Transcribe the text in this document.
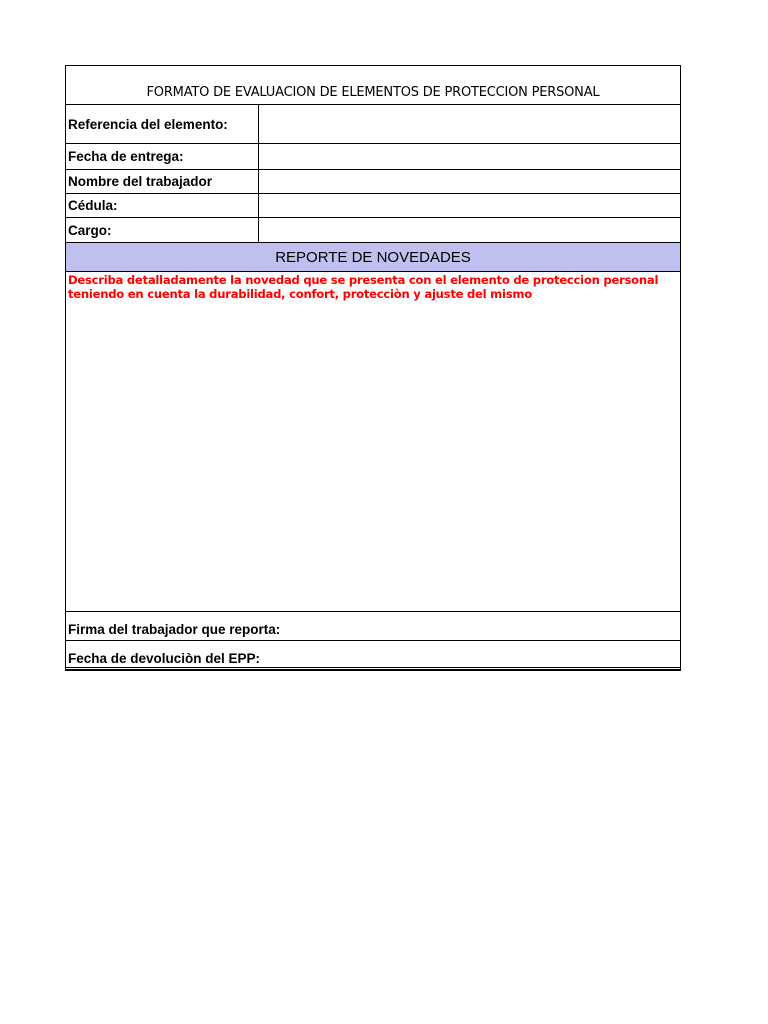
FORMATO DE EVALUACION DE ELEMENTOS DE PROTECCION PERSONAL
Referencia del elemento:
Fecha de entrega:
Nombre del trabajador
Cédula:
Cargo:
REPORTE DE NOVEDADES
Describa detalladamente la novedad que se presenta con el elemento de proteccion personal teniendo en cuenta la durabilidad, confort, protecciòn y ajuste del mismo
Firma del trabajador que reporta:
Fecha de devoluciòn del EPP:
